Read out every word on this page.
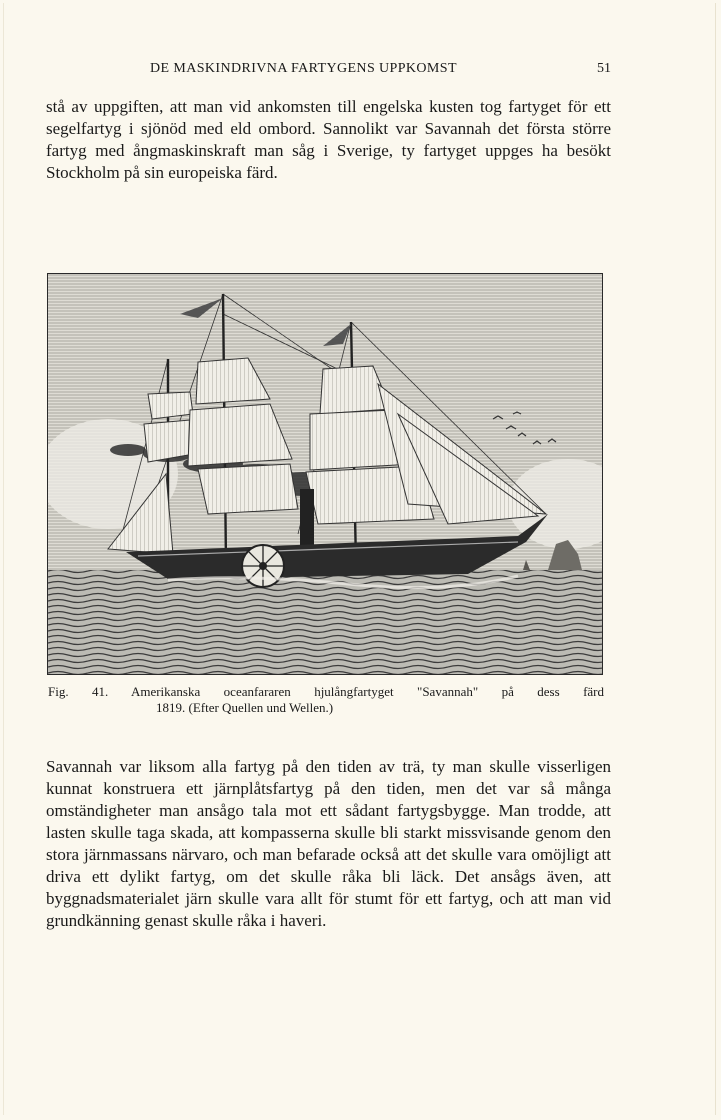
DE MASKINDRIVNA FARTYGENS UPPKOMST	51

stå av uppgiften, att man vid ankomsten till engelska kusten tog fartyget för ett segelfartyg i sjönöd med eld ombord. Sannolikt var Savannah det första större fartyg med ångmaskinskraft man såg i Sverige, ty fartyget uppges ha besökt Stockholm på sin europeiska färd.

Fig. 41. Amerikanska oceanfararen hjulångfartyget "Savannah" på dess färd
1819. (Efter Quellen und Wellen.)

Savannah var liksom alla fartyg på den tiden av trä, ty man skulle visserligen kunnat konstruera ett järnplåtsfartyg på den tiden, men det var så många omständigheter man ansågo tala mot ett sådant fartygsbygge. Man trodde, att lasten skulle taga skada, att kompasserna skulle bli starkt missvisande genom den stora järnmassans närvaro, och man befarade också att det skulle vara omöjligt att driva ett dylikt fartyg, om det skulle råka bli läck. Det ansågs även, att byggnadsmaterialet järn skulle vara allt för stumt för ett fartyg, och att man vid grundkänning genast skulle råka i haveri.
